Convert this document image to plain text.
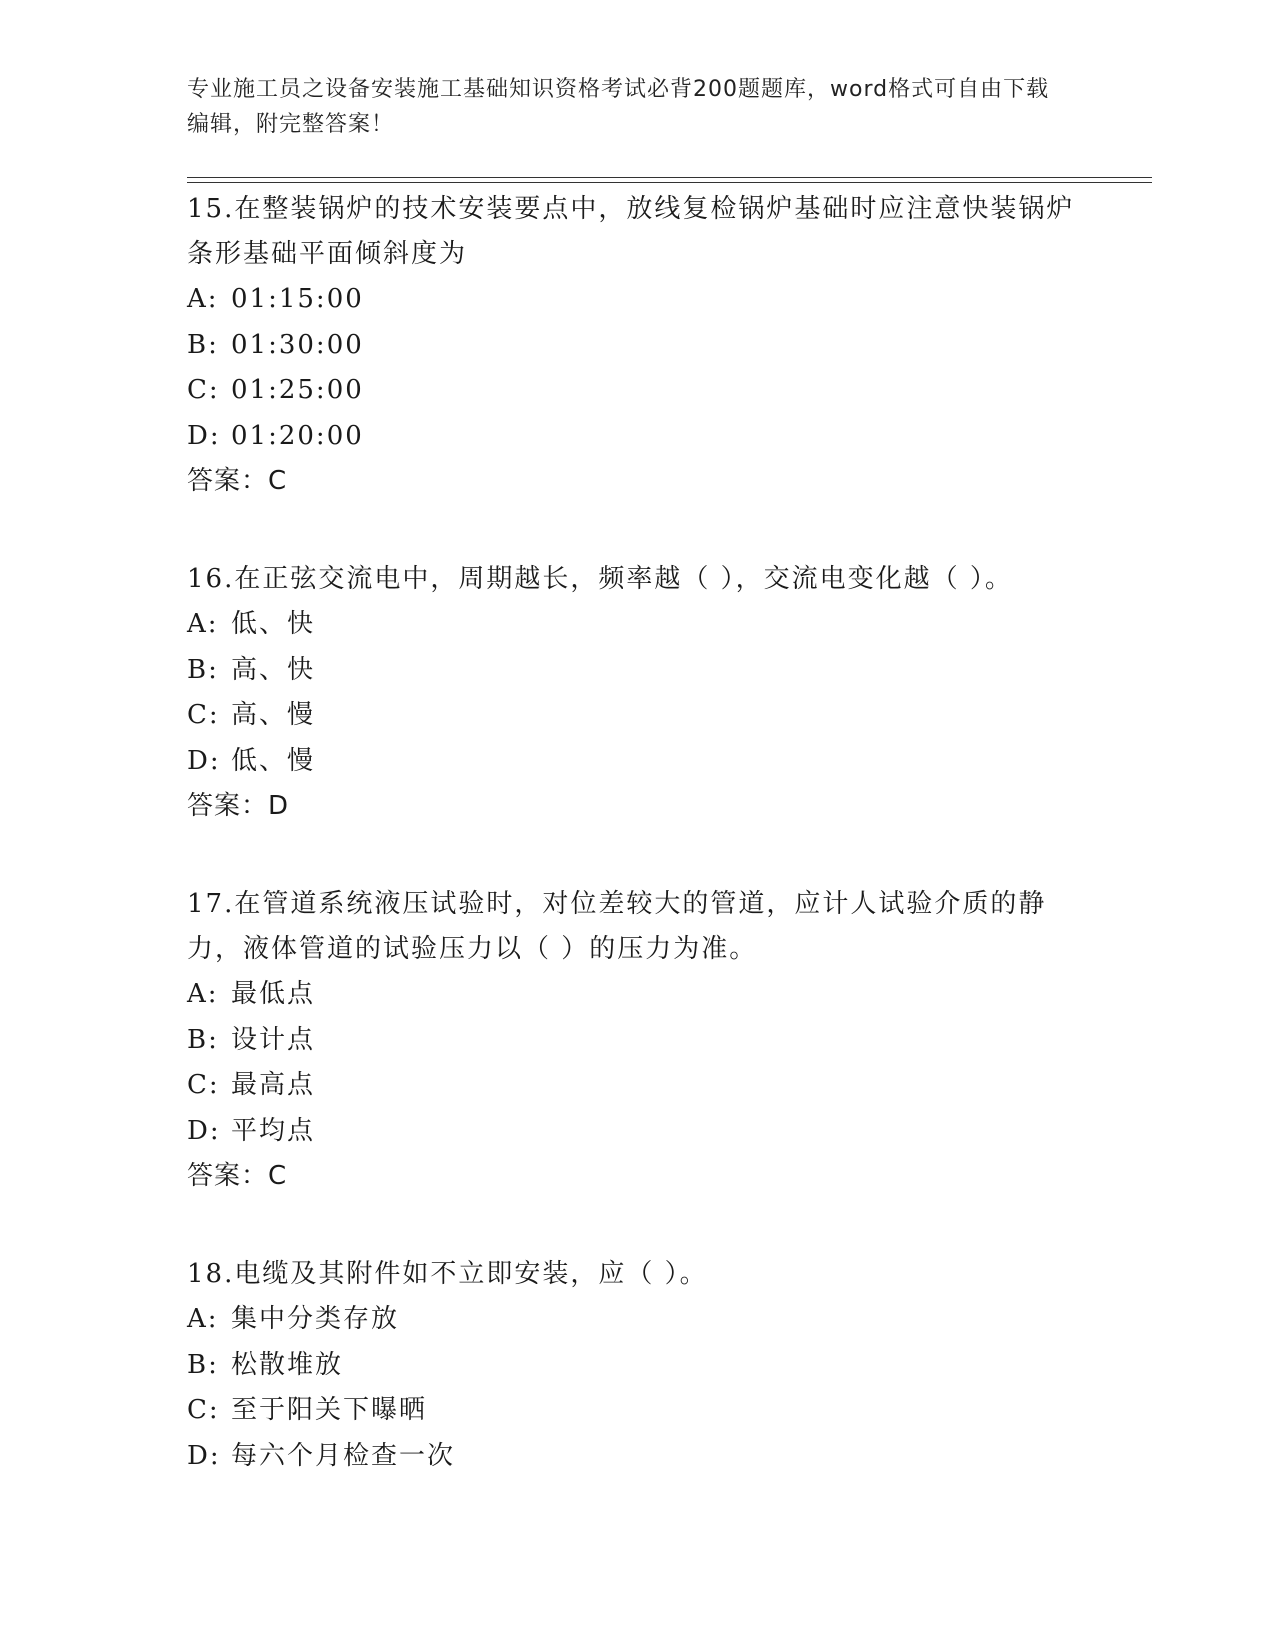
专业施工员之设备安装施工基础知识资格考试必背200题题库，word格式可自由下载编辑，附完整答案！
15.在整装锅炉的技术安装要点中，放线复检锅炉基础时应注意快装锅炉条形基础平面倾斜度为
A: 01:15:00
B: 01:30:00
C: 01:25:00
D: 01:20:00
答案：C
16.在正弦交流电中，周期越长，频率越（ ），交流电变化越（ ）。
A: 低、快
B: 高、快
C: 高、慢
D: 低、慢
答案：D
17.在管道系统液压试验时，对位差较大的管道，应计人试验介质的静力，液体管道的试验压力以（ ）的压力为准。
A: 最低点
B: 设计点
C: 最高点
D: 平均点
答案：C
18.电缆及其附件如不立即安装，应（ ）。
A: 集中分类存放
B: 松散堆放
C: 至于阳关下曝晒
D: 每六个月检查一次
